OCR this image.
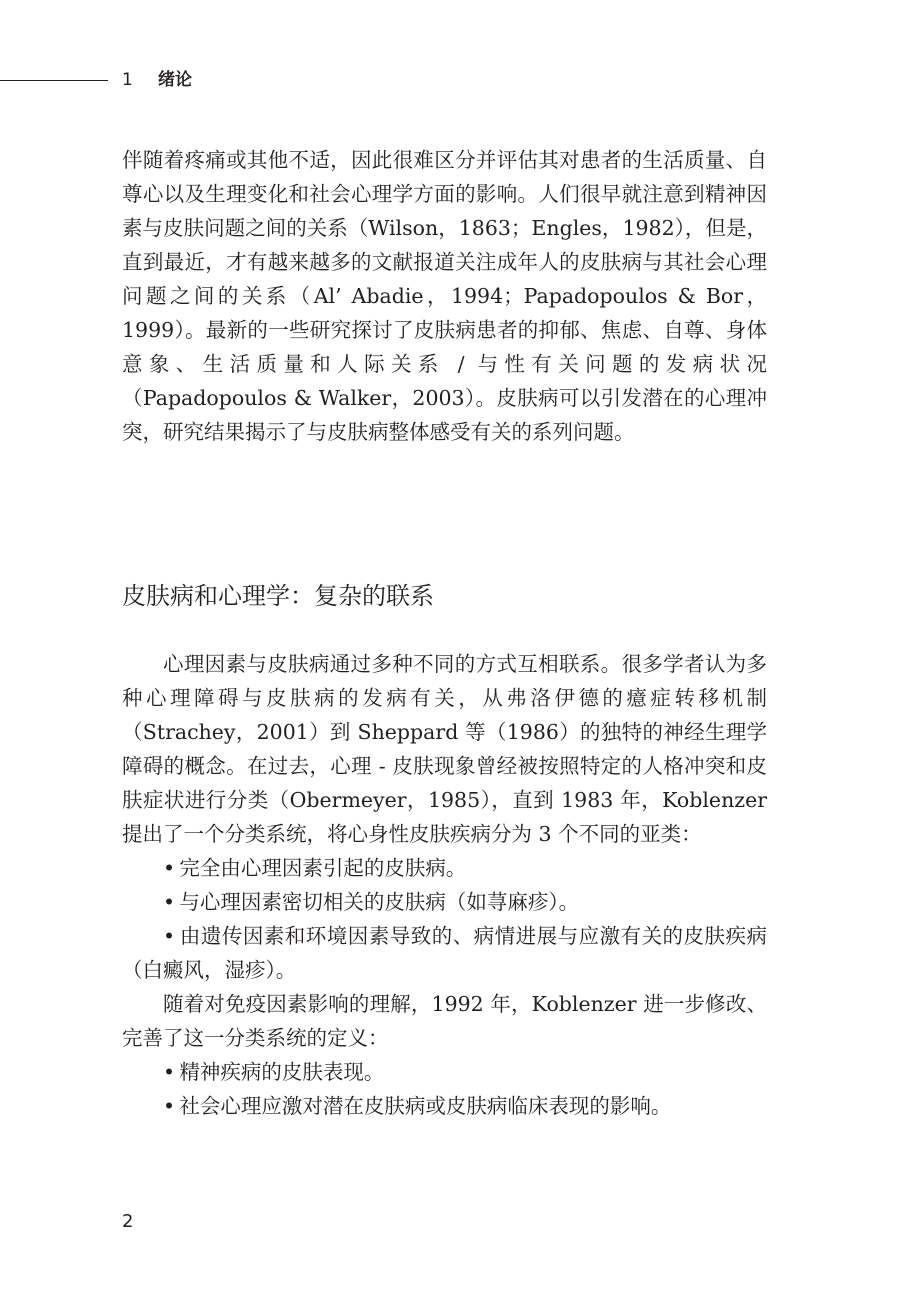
1 绪论

伴随着疼痛或其他不适，因此很难区分并评估其对患者的生活质量、自尊心以及生理变化和社会心理学方面的影响。人们很早就注意到精神因素与皮肤问题之间的关系（Wilson，1863；Engles，1982），但是，直到最近，才有越来越多的文献报道关注成年人的皮肤病与其社会心理问题之间的关系（Al’ Abadie，1994；Papadopoulos & Bor，1999）。最新的一些研究探讨了皮肤病患者的抑郁、焦虑、自尊、身体意象、生活质量和人际关系 / 与性有关问题的发病状况（Papadopoulos & Walker，2003）。皮肤病可以引发潜在的心理冲突，研究结果揭示了与皮肤病整体感受有关的系列问题。

皮肤病和心理学：复杂的联系

心理因素与皮肤病通过多种不同的方式互相联系。很多学者认为多种心理障碍与皮肤病的发病有关，从弗洛伊德的癔症转移机制（Strachey，2001）到 Sheppard 等（1986）的独特的神经生理学障碍的概念。在过去，心理 - 皮肤现象曾经被按照特定的人格冲突和皮肤症状进行分类（Obermeyer，1985），直到 1983 年，Koblenzer 提出了一个分类系统，将心身性皮肤疾病分为 3 个不同的亚类：

• 完全由心理因素引起的皮肤病。

• 与心理因素密切相关的皮肤病（如荨麻疹）。

• 由遗传因素和环境因素导致的、病情进展与应激有关的皮肤疾病（白癜风，湿疹）。

随着对免疫因素影响的理解，1992 年，Koblenzer 进一步修改、完善了这一分类系统的定义：

• 精神疾病的皮肤表现。

• 社会心理应激对潜在皮肤病或皮肤病临床表现的影响。

2
